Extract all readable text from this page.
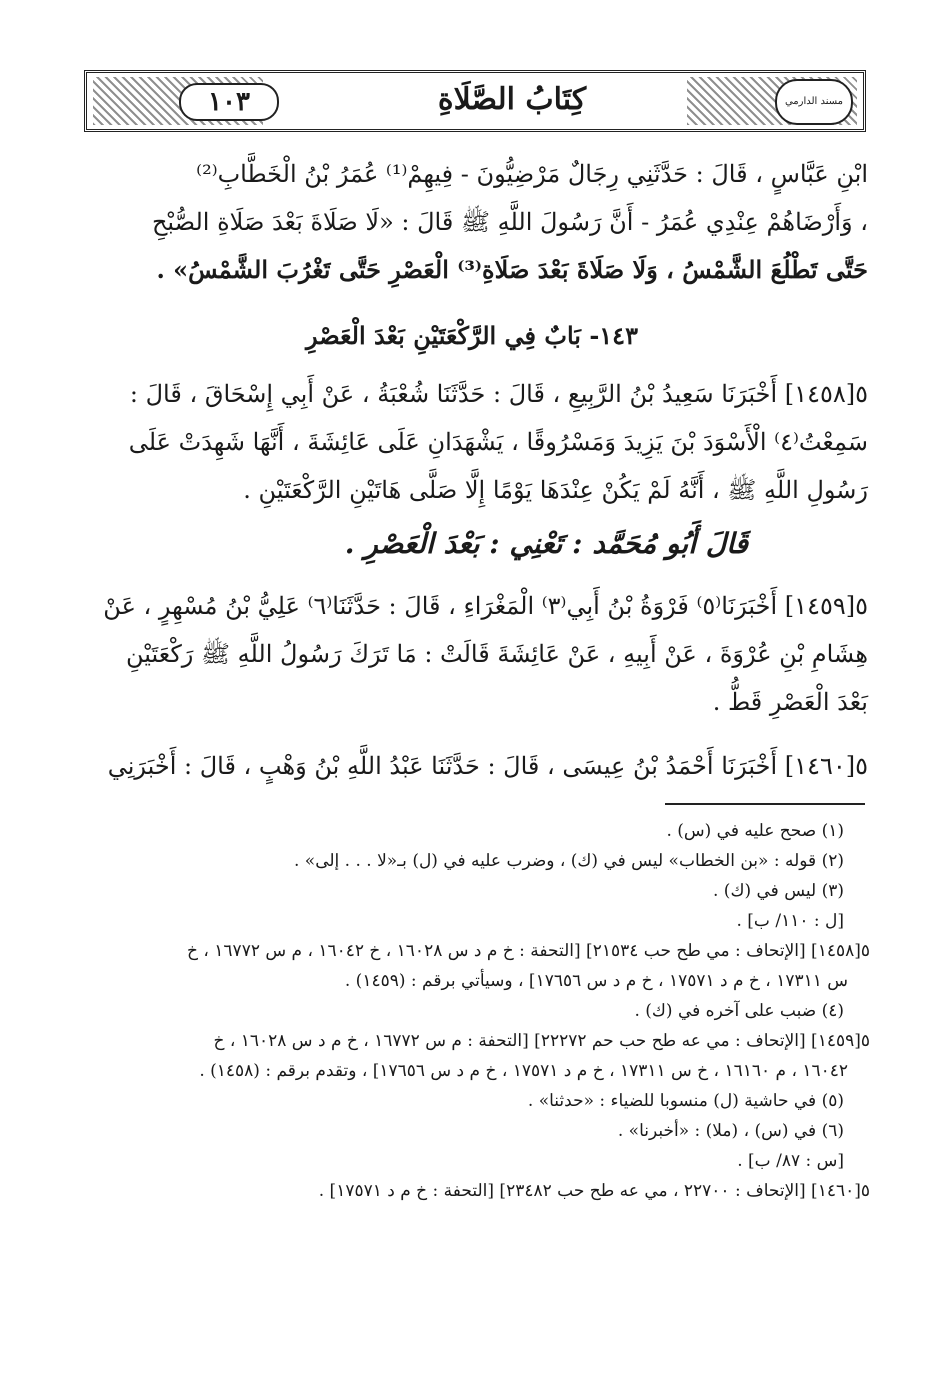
١٠٣	مسند الدارمي
كِتَابُ الصَّلَاةِ

ابْنِ عَبَّاسٍ ، قَالَ : حَدَّثَنِي رِجَالٌ مَرْضِيُّونَ - فِيهِمْ⁽¹⁾ عُمَرُ بْنُ الْخَطَّابِ⁽²⁾

، وَأَرْضَاهُمْ عِنْدِي عُمَرُ - أَنَّ رَسُولَ اللَّهِ ﷺ قَالَ : «لَا صَلَاةَ بَعْدَ صَلَاةِ الصُّبْحِ

حَتَّى تَطْلُعَ الشَّمْسُ ، وَلَا صَلَاةَ بَعْدَ صَلَاةِ⁽³⁾ الْعَصْرِ حَتَّى تَغْرُبَ الشَّمْسُ» .

١٤٣- بَابٌ فِي الرَّكْعَتَيْنِ بَعْدَ الْعَصْرِ

٥[١٤٥٨] أَخْبَرَنَا سَعِيدُ بْنُ الرَّبِيعِ ، قَالَ : حَدَّثَنَا شُعْبَةُ ، عَنْ أَبِي إِسْحَاقَ ، قَالَ :

سَمِعْتُ⁽٤⁾ الْأَسْوَدَ بْنَ يَزِيدَ وَمَسْرُوقًا ، يَشْهَدَانِ عَلَى عَائِشَةَ ، أَنَّهَا شَهِدَتْ عَلَى

رَسُولِ اللَّهِ ﷺ ، أَنَّهُ لَمْ يَكُنْ عِنْدَهَا يَوْمًا إِلَّا صَلَّى هَاتَيْنِ الرَّكْعَتَيْنِ .

قَالَ أَبُو مُحَمَّد : تَعْنِي : بَعْدَ الْعَصْرِ .

٥[١٤٥٩] أَخْبَرَنَا⁽٥⁾ فَرْوَةُ بْنُ أَبِي⁽٣⁾ الْمَغْرَاءِ ، قَالَ : حَدَّثَنَا⁽٦⁾ عَلِيُّ بْنُ مُسْهِرٍ ، عَنْ

هِشَامِ بْنِ عُرْوَةَ ، عَنْ أَبِيهِ ، عَنْ عَائِشَةَ قَالَتْ : مَا تَرَكَ رَسُولُ اللَّهِ ﷺ رَكْعَتَيْنِ

بَعْدَ الْعَصْرِ قَطُّ .

٥[١٤٦٠] أَخْبَرَنَا أَحْمَدُ بْنُ عِيسَى ، قَالَ : حَدَّثَنَا عَبْدُ اللَّهِ بْنُ وَهْبٍ ، قَالَ : أَخْبَرَنِي

(١) صحح عليه في (س) .

(٢) قوله : «بن الخطاب» ليس في (ك) ، وضرب عليه في (ل) بـ«لا . . . إلى» .

(٣) ليس في (ك) .

[ل : ١١٠/ ب] .

٥[١٤٥٨] [الإتحاف : مي طح حب ٢١٥٣٤] [التحفة : خ م د س ١٦٠٢٨ ، خ ١٦٠٤٢ ، م س ١٦٧٧٢ ، خ

س ١٧٣١١ ، خ م د ١٧٥٧١ ، خ م د س ١٧٦٥٦] ، وسيأتي برقم : (١٤٥٩) .

(٤) ضبب على آخره في (ك) .

٥[١٤٥٩] [الإتحاف : مي عه طح حب حم ٢٢٢٧٢] [التحفة : م س ١٦٧٧٢ ، خ م د س ١٦٠٢٨ ، خ

١٦٠٤٢ ، م ١٦١٦٠ ، خ س ١٧٣١١ ، خ م د ١٧٥٧١ ، خ م د س ١٧٦٥٦] ، وتقدم برقم : (١٤٥٨) .

(٥) في حاشية (ل) منسوبا للضياء : «حدثنا» .

(٦) في (س) ، (ملا) : «أخبرنا» .

[س : ٨٧/ ب] .

٥[١٤٦٠] [الإتحاف : ٢٢٧٠٠ ، مي عه طح حب ٢٣٤٨٢] [التحفة : خ م د ١٧٥٧١] .
